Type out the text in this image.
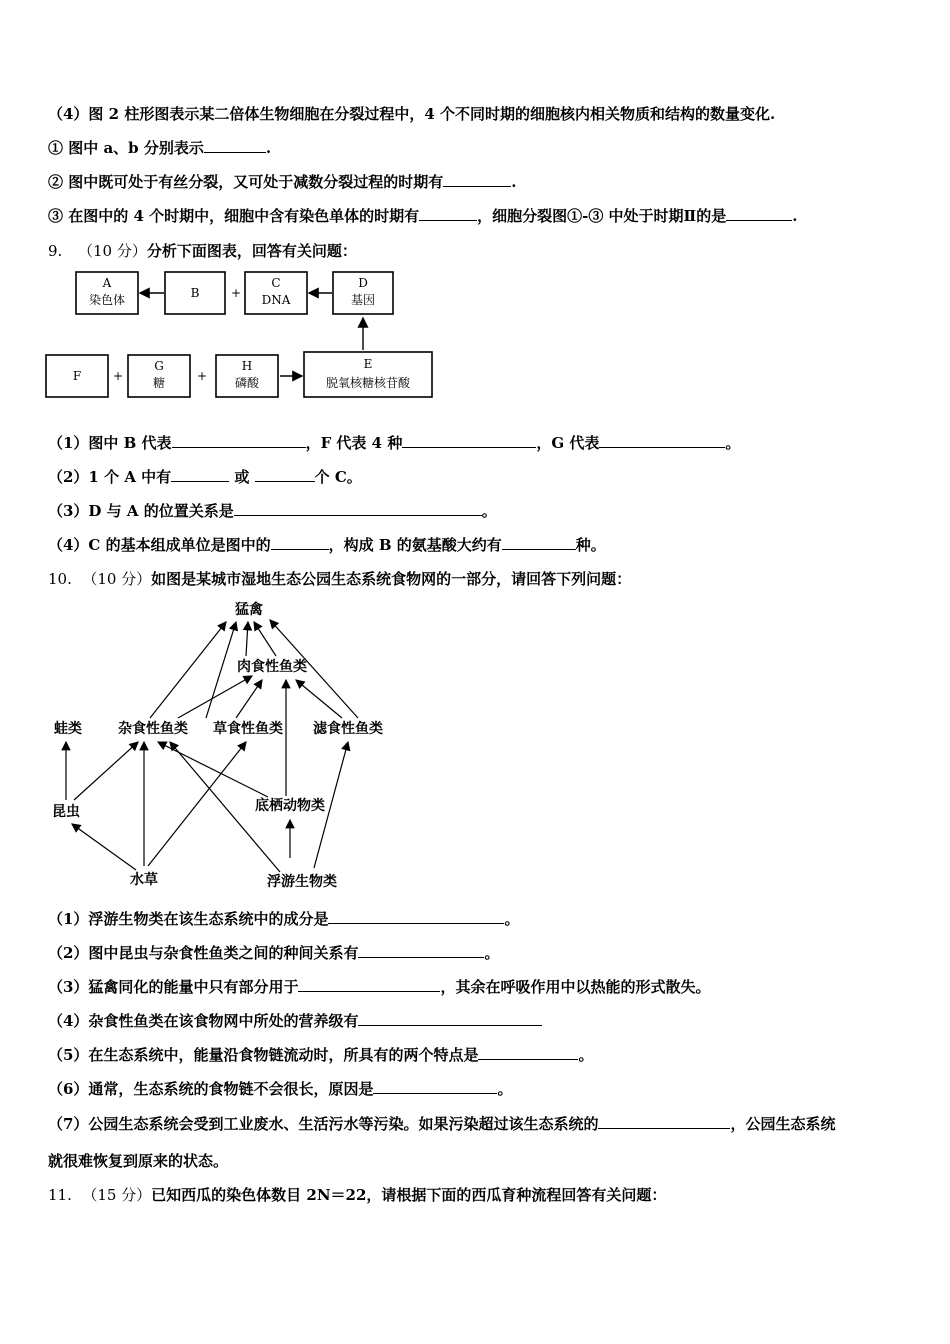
（4）图 2 柱形图表示某二倍体生物细胞在分裂过程中，4 个不同时期的细胞核内相关物质和结构的数量变化.
① 图中 a、b 分别表示	.
② 图中既可处于有丝分裂，又可处于减数分裂过程的时期有	.
③ 在图中的 4 个时期中，细胞中含有染色单体的时期有	，细胞分裂图①-③ 中处于时期Ⅱ的是	.
9. （10 分）分析下面图表，回答有关问题：
A
染色体	B	+
C
DNA
D
基因
F	+
G
糖	+
H
磷酸
E
脱氧核糖核苷酸
（1）图中 B 代表	，F 代表 4 种	，G 代表	。
（2）1 个 A 中有	或	个 C。
（3）D 与 A 的位置关系是	。
（4）C 的基本组成单位是图中的	，构成 B 的氨基酸大约有	种。
10. （10 分）如图是某城市湿地生态公园生态系统食物网的一部分，请回答下列问题：
猛禽
肉食性鱼类
蛙类	杂食性鱼类 草食性鱼类 滤食性鱼类
昆虫	底栖动物类
水草	浮游生物类
（1）浮游生物类在该生态系统中的成分是	。
（2）图中昆虫与杂食性鱼类之间的种间关系有	。
（3）猛禽同化的能量中只有部分用于	，其余在呼吸作用中以热能的形式散失。
（4）杂食性鱼类在该食物网中所处的营养级有
（5）在生态系统中，能量沿食物链流动时，所具有的两个特点是	。
（6）通常，生态系统的食物链不会很长，原因是	。
（7）公园生态系统会受到工业废水、生活污水等污染。如果污染超过该生态系统的	，公园生态系统
就很难恢复到原来的状态。
11. （15 分）已知西瓜的染色体数目 2N＝22，请根据下面的西瓜育种流程回答有关问题：
